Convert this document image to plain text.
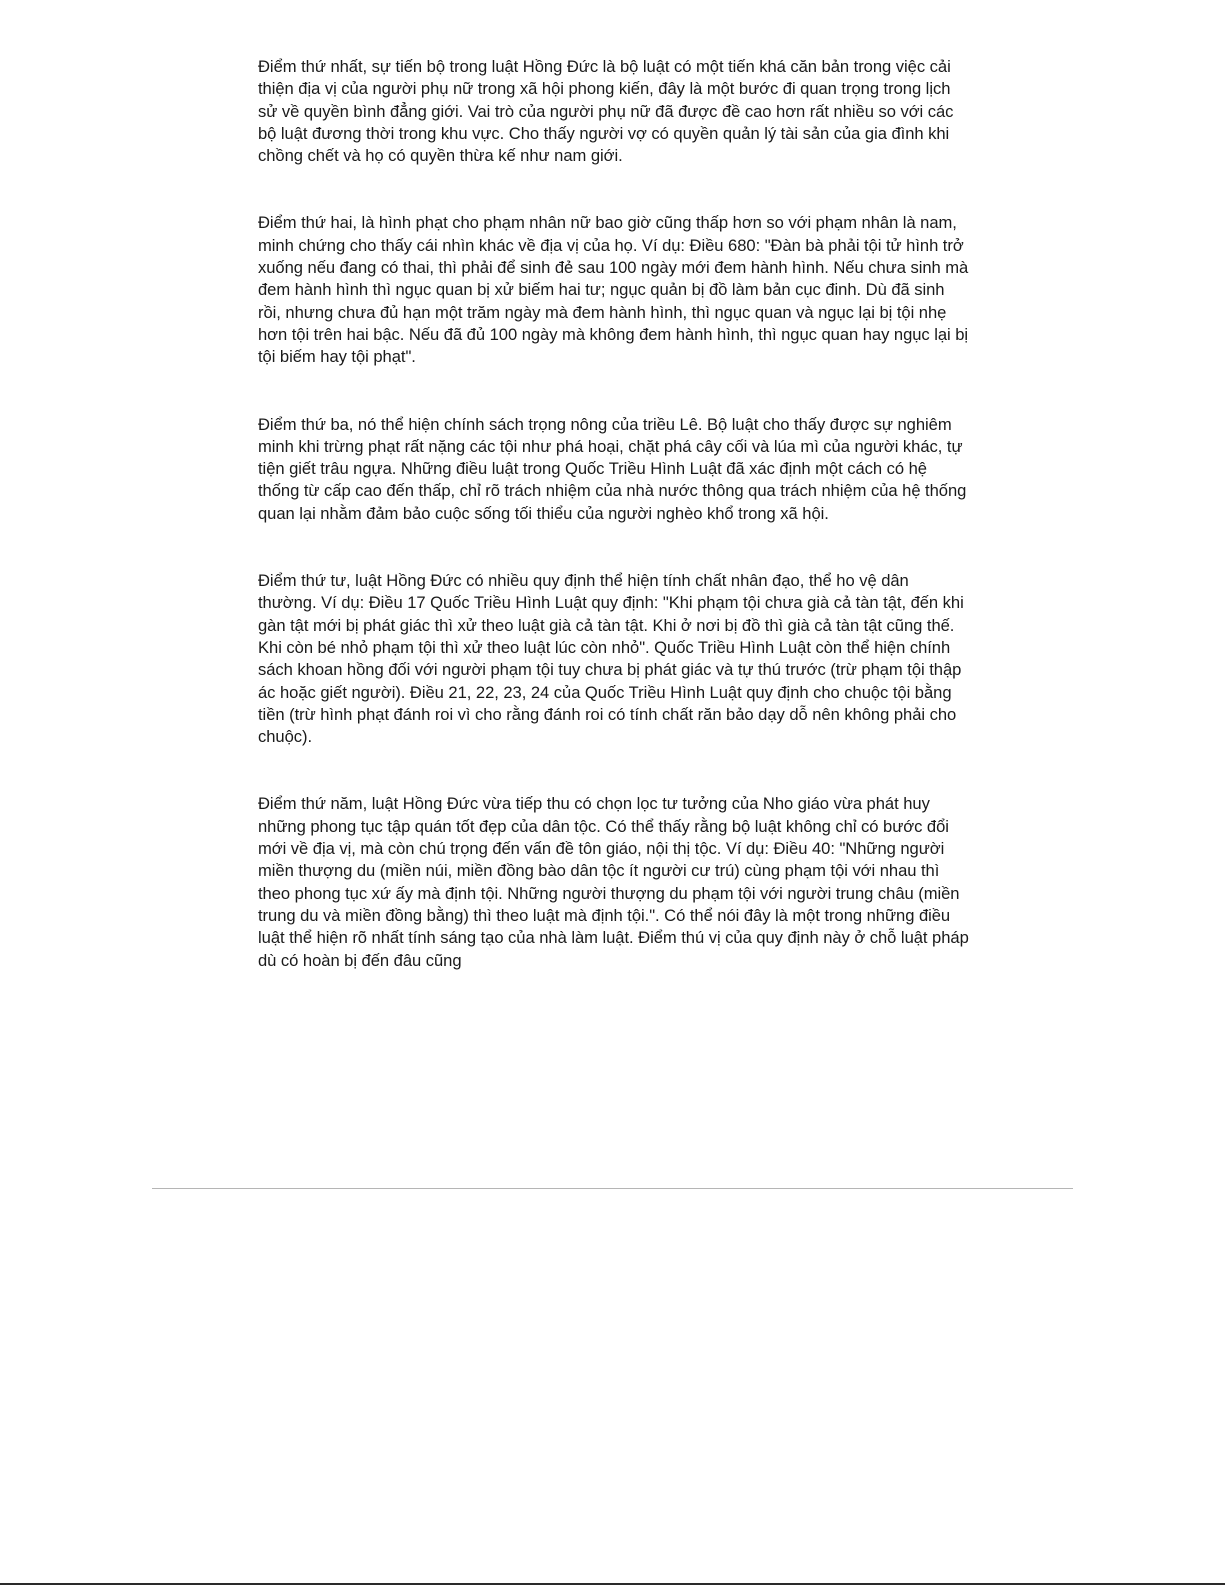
Điểm thứ nhất, sự tiến bộ trong luật Hồng Đức là bộ luật có một tiến khá căn bản trong việc cải thiện địa vị của người phụ nữ trong xã hội phong kiến, đây là một bước đi quan trọng trong lịch sử về quyền bình đẳng giới. Vai trò của người phụ nữ đã được đề cao hơn rất nhiều so với các bộ luật đương thời trong khu vực. Cho thấy người vợ có quyền quản lý tài sản của gia đình khi chồng chết và họ có quyền thừa kế như nam giới.

Điểm thứ hai, là hình phạt cho phạm nhân nữ bao giờ cũng thấp hơn so với phạm nhân là nam, minh chứng cho thấy cái nhìn khác về địa vị của họ. Ví dụ: Điều 680: "Đàn bà phải tội tử hình trở xuống nếu đang có thai, thì phải để sinh đẻ sau 100 ngày mới đem hành hình. Nếu chưa sinh mà đem hành hình thì ngục quan bị xử biếm hai tư; ngục quản bị đồ làm bản cục đinh. Dù đã sinh rồi, nhưng chưa đủ hạn một trăm ngày mà đem hành hình, thì ngục quan và ngục lại bị tội nhẹ hơn tội trên hai bậc. Nếu đã đủ 100 ngày mà không đem hành hình, thì ngục quan hay ngục lại bị tội biếm hay tội phạt".

Điểm thứ ba, nó thể hiện chính sách trọng nông của triều Lê. Bộ luật cho thấy được sự nghiêm minh khi trừng phạt rất nặng các tội như phá hoại, chặt phá cây cối và lúa mì của người khác, tự tiện giết trâu ngựa. Những điều luật trong Quốc Triều Hình Luật đã xác định một cách có hệ thống từ cấp cao đến thấp, chỉ rõ trách nhiệm của nhà nước thông qua trách nhiệm của hệ thống quan lại nhằm đảm bảo cuộc sống tối thiểu của người nghèo khổ trong xã hội.

Điểm thứ tư, luật Hồng Đức có nhiều quy định thể hiện tính chất nhân đạo, thể ho vệ dân thường. Ví dụ: Điều 17 Quốc Triều Hình Luật quy định: "Khi phạm tội chưa già cả tàn tật, đến khi gàn tật mới bị phát giác thì xử theo luật già cả tàn tật. Khi ở nơi bị đồ thì già cả tàn tật cũng thế. Khi còn bé nhỏ phạm tội thì xử theo luật lúc còn nhỏ". Quốc Triều Hình Luật còn thể hiện chính sách khoan hồng đối với người phạm tội tuy chưa bị phát giác và tự thú trước (trừ phạm tội thập ác hoặc giết người). Điều 21, 22, 23, 24 của Quốc Triều Hình Luật quy định cho chuộc tội bằng tiền (trừ hình phạt đánh roi vì cho rằng đánh roi có tính chất răn bảo dạy dỗ nên không phải cho chuộc).

Điểm thứ năm, luật Hồng Đức vừa tiếp thu có chọn lọc tư tưởng của Nho giáo vừa phát huy những phong tục tập quán tốt đẹp của dân tộc. Có thể thấy rằng bộ luật không chỉ có bước đổi mới về địa vị, mà còn chú trọng đến vấn đề tôn giáo, nội thị tộc. Ví dụ: Điều 40: "Những người miền thượng du (miền núi, miền đồng bào dân tộc ít người cư trú) cùng phạm tội với nhau thì theo phong tục xứ ấy mà định tội. Những người thượng du phạm tội với người trung châu (miền trung du và miền đồng bằng) thì theo luật mà định tội.". Có thể nói đây là một trong những điều luật thể hiện rõ nhất tính sáng tạo của nhà làm luật. Điểm thú vị của quy định này ở chỗ luật pháp dù có hoàn bị đến đâu cũng
